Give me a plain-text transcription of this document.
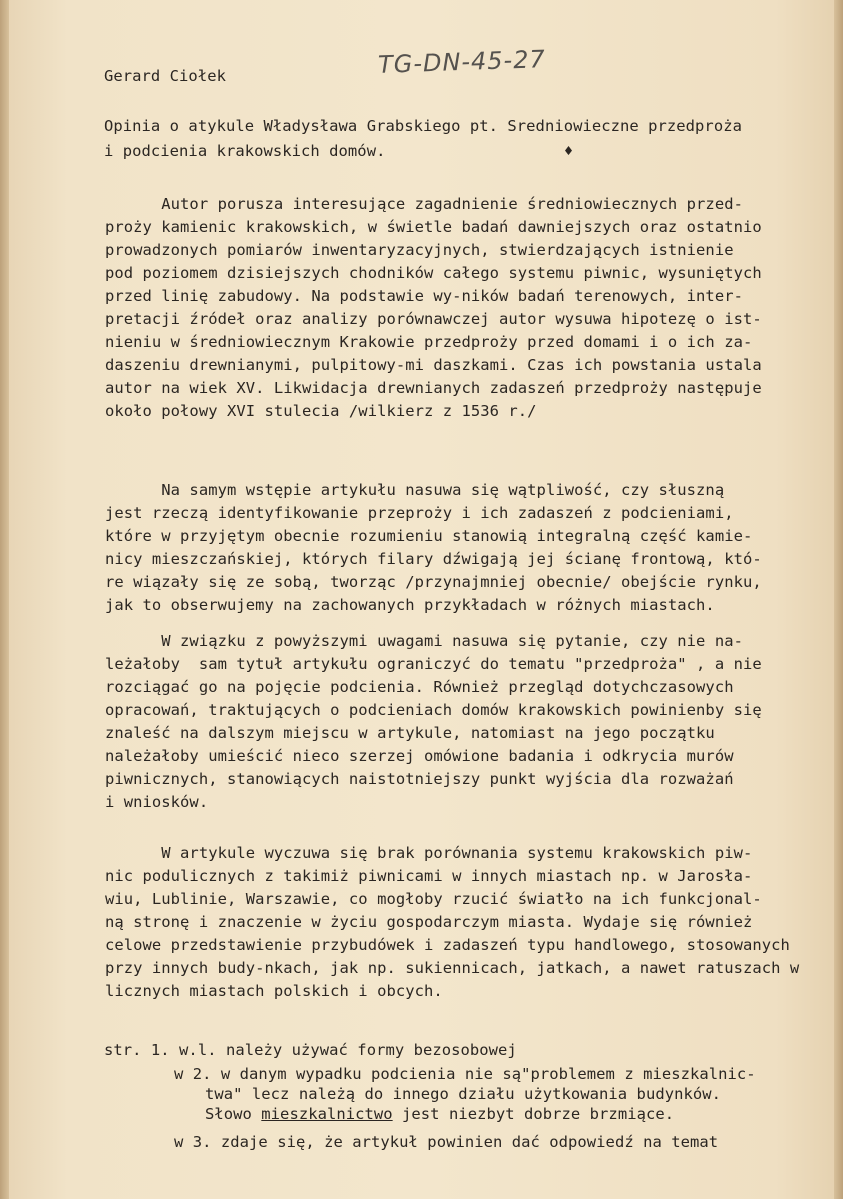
TG-DN-45-27
Gerard Ciołek
Opinia o atykule Władysława Grabskiego pt. Sredniowieczne przedproża
i podcienia krakowskich domów.	♦
Autor porusza interesujące zagadnienie średniowiecznych przed-
proży kamienic krakowskich, w świetle badań dawniejszych oraz ostatnio
prowadzonych pomiarów inwentaryzacyjnych, stwierdzających istnienie
pod poziomem dzisiejszych chodników całego systemu piwnic, wysuniętych
przed linię zabudowy. Na podstawie wy-ników badań terenowych, inter-
pretacji źródeł oraz analizy porównawczej autor wysuwa hipotezę o ist-
nieniu w średniowiecznym Krakowie przedproży przed domami i o ich za-
daszeniu drewnianymi, pulpitowy-mi daszkami. Czas ich powstania ustala
autor na wiek XV. Likwidacja drewnianych zadaszeń przedproży następuje
około połowy XVI stulecia /wilkierz z 1536 r./
Na samym wstępie artykułu nasuwa się wątpliwość, czy słuszną
jest rzeczą identyfikowanie przeproży i ich zadaszeń z podcieniami,
które w przyjętym obecnie rozumieniu stanowią integralną część kamie-
nicy mieszczańskiej, których filary dźwigają jej ścianę frontową, któ-
re wiązały się ze sobą, tworząc /przynajmniej obecnie/ obejście rynku,
jak to obserwujemy na zachowanych przykładach w różnych miastach.
W związku z powyższymi uwagami nasuwa się pytanie, czy nie na-
leżałoby  sam tytuł artykułu ograniczyć do tematu "przedproża" , a nie
rozciągać go na pojęcie podcienia. Również przegląd dotychczasowych
opracowań, traktujących o podcieniach domów krakowskich powinienby się
znaleść na dalszym miejscu w artykule, natomiast na jego początku
należałoby umieścić nieco szerzej omówione badania i odkrycia murów
piwnicznych, stanowiących naistotniejszy punkt wyjścia dla rozważań
i wniosków.
W artykule wyczuwa się brak porównania systemu krakowskich piw-
nic podulicznych z takimiż piwnicami w innych miastach np. w Jarosła-
wiu, Lublinie, Warszawie, co mogłoby rzucić światło na ich funkcjonal-
ną stronę i znaczenie w życiu gospodarczym miasta. Wydaje się również
celowe przedstawienie przybudówek i zadaszeń typu handlowego, stosowanych
przy innych budy-nkach, jak np. sukiennicach, jatkach, a nawet ratuszach w licznych miastach polskich i obcych.
str. 1. w.l. należy używać formy bezosobowej
w 2. w danym wypadku podcienia nie są"problemem z mieszkalnic-
twa" lecz należą do innego działu użytkowania budynków.
Słowo mieszkalnictwo jest niezbyt dobrze brzmiące.
w 3. zdaje się, że artykuł powinien dać odpowiedź na temat
